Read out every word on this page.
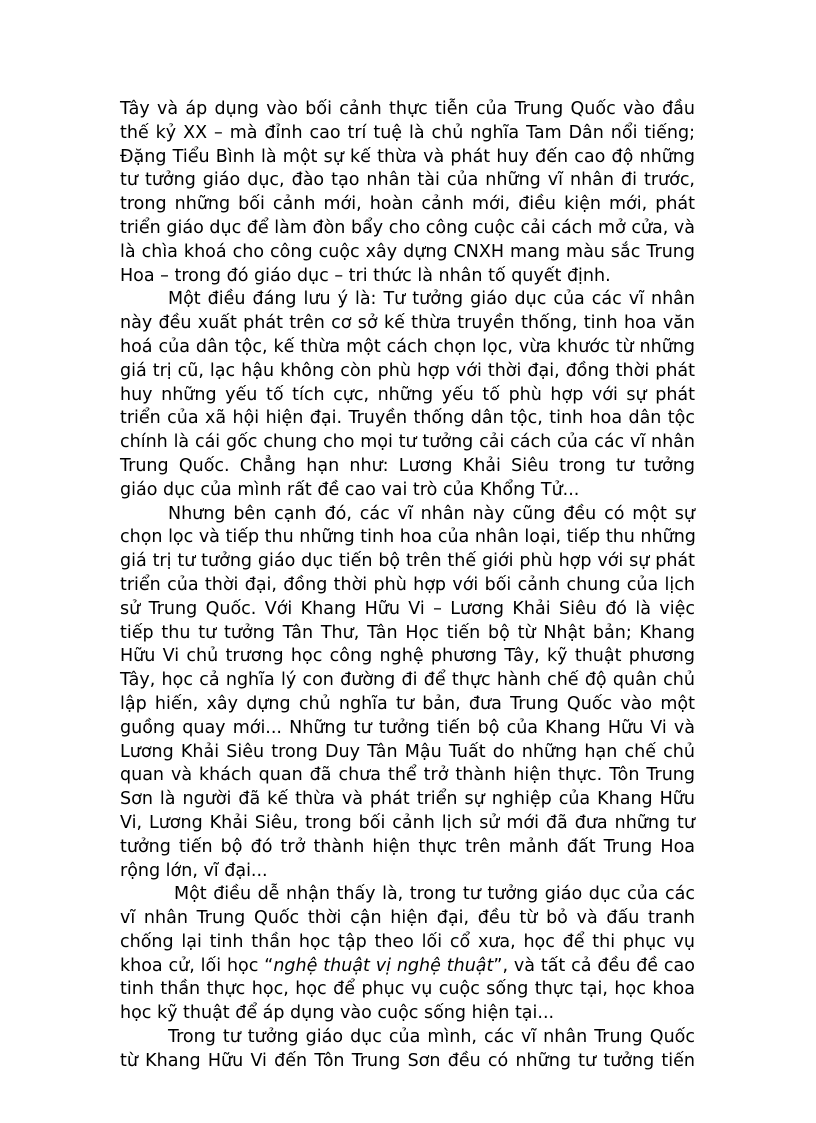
Tây và áp dụng vào bối cảnh thực tiễn của Trung Quốc vào đầu
thế kỷ XX – mà đỉnh cao trí tuệ là chủ nghĩa Tam Dân nổi tiếng;
Đặng Tiểu Bình là một sự kế thừa và phát huy đến cao độ những
tư tưởng giáo dục, đào tạo nhân tài của những vĩ nhân đi trước,
trong những bối cảnh mới, hoàn cảnh mới, điều kiện mới, phát
triển giáo dục để làm đòn bẩy cho công cuộc cải cách mở cửa, và
là chìa khoá cho công cuộc xây dựng CNXH mang màu sắc Trung
Hoa – trong đó giáo dục – tri thức là nhân tố quyết định.
Một điều đáng lưu ý là: Tư tưởng giáo dục của các vĩ nhân
này đều xuất phát trên cơ sở kế thừa truyền thống, tinh hoa văn
hoá của dân tộc, kế thừa một cách chọn lọc, vừa khước từ những
giá trị cũ, lạc hậu không còn phù hợp với thời đại, đồng thời phát
huy những yếu tố tích cực, những yếu tố phù hợp với sự phát
triển của xã hội hiện đại. Truyền thống dân tộc, tinh hoa dân tộc
chính là cái gốc chung cho mọi tư tưởng cải cách của các vĩ nhân
Trung Quốc. Chẳng hạn như: Lương Khải Siêu trong tư tưởng
giáo dục của mình rất đề cao vai trò của Khổng Tử...
Nhưng bên cạnh đó, các vĩ nhân này cũng đều có một sự
chọn lọc và tiếp thu những tinh hoa của nhân loại, tiếp thu những
giá trị tư tưởng giáo dục tiến bộ trên thế giới phù hợp với sự phát
triển của thời đại, đồng thời phù hợp với bối cảnh chung của lịch
sử Trung Quốc. Với Khang Hữu Vi – Lương Khải Siêu đó là việc
tiếp thu tư tưởng Tân Thư, Tân Học tiến bộ từ Nhật bản; Khang
Hữu Vi chủ trương học công nghệ phương Tây, kỹ thuật phương
Tây, học cả nghĩa lý con đường đi để thực hành chế độ quân chủ
lập hiến, xây dựng chủ nghĩa tư bản, đưa Trung Quốc vào một
guồng quay mới... Những tư tưởng tiến bộ của Khang Hữu Vi và
Lương Khải Siêu trong Duy Tân Mậu Tuất do những hạn chế chủ
quan và khách quan đã chưa thể trở thành hiện thực. Tôn Trung
Sơn là người đã kế thừa và phát triển sự nghiệp của Khang Hữu
Vi, Lương Khải Siêu, trong bối cảnh lịch sử mới đã đưa những tư
tưởng tiến bộ đó trở thành hiện thực trên mảnh đất Trung Hoa
rộng lớn, vĩ đại...
Một điều dễ nhận thấy là, trong tư tưởng giáo dục của các
vĩ nhân Trung Quốc thời cận hiện đại, đều từ bỏ và đấu tranh
chống lại tinh thần học tập theo lối cổ xưa, học để thi phục vụ
khoa cử, lối học “nghệ thuật vị nghệ thuật”, và tất cả đều đề cao
tinh thần thực học, học để phục vụ cuộc sống thực tại, học khoa
học kỹ thuật để áp dụng vào cuộc sống hiện tại...
Trong tư tưởng giáo dục của mình, các vĩ nhân Trung Quốc
từ Khang Hữu Vi đến Tôn Trung Sơn đều có những tư tưởng tiến
